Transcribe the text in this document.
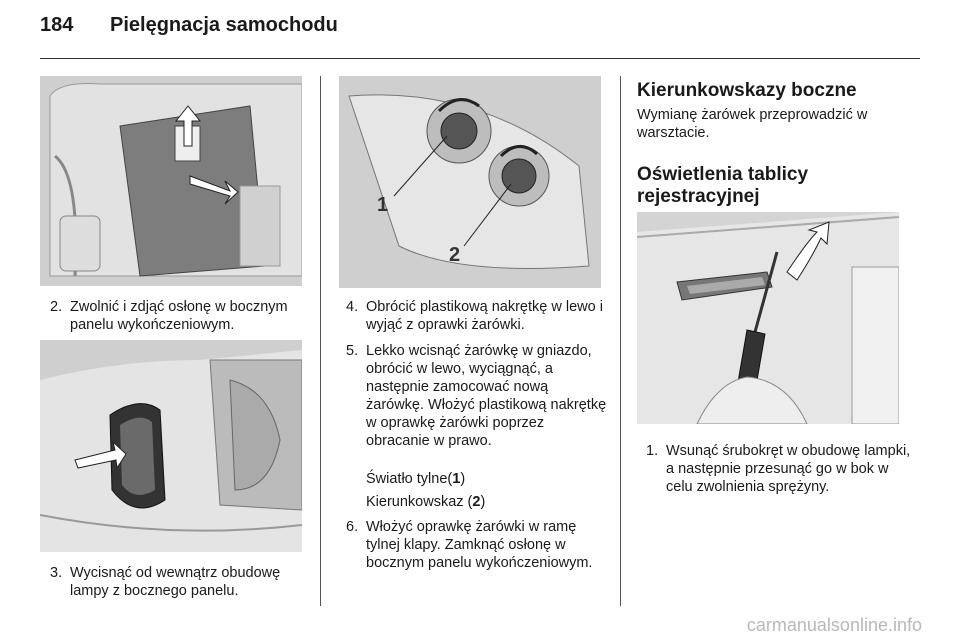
184 Pielęgnacja samochodu
2. Zwolnić i zdjąć osłonę w bocznym panelu wykończeniowym.
3. Wycisnąć od wewnątrz obudowę lampy z bocznego panelu.
1
2
4. Obrócić plastikową nakrętkę w lewo i wyjąć z oprawki żarówki.
5. Lekko wcisnąć żarówkę w gniazdo, obrócić w lewo, wyciągnąć, a następnie zamocować nową żarówkę. Włożyć plastikową nakrętkę w oprawkę żarówki poprzez obracanie w prawo.
Światło tylne(1)
Kierunkowskaz (2)
6. Włożyć oprawkę żarówki w ramę tylnej klapy. Zamknąć osłonę w bocznym panelu wykończeniowym.
Kierunkowskazy boczne
Wymianę żarówek przeprowadzić w warsztacie.
Oświetlenia tablicy rejestracyjnej
1. Wsunąć śrubokręt w obudowę lampki, a następnie przesunąć go w bok w celu zwolnienia sprężyny.
carmanualsonline.info
